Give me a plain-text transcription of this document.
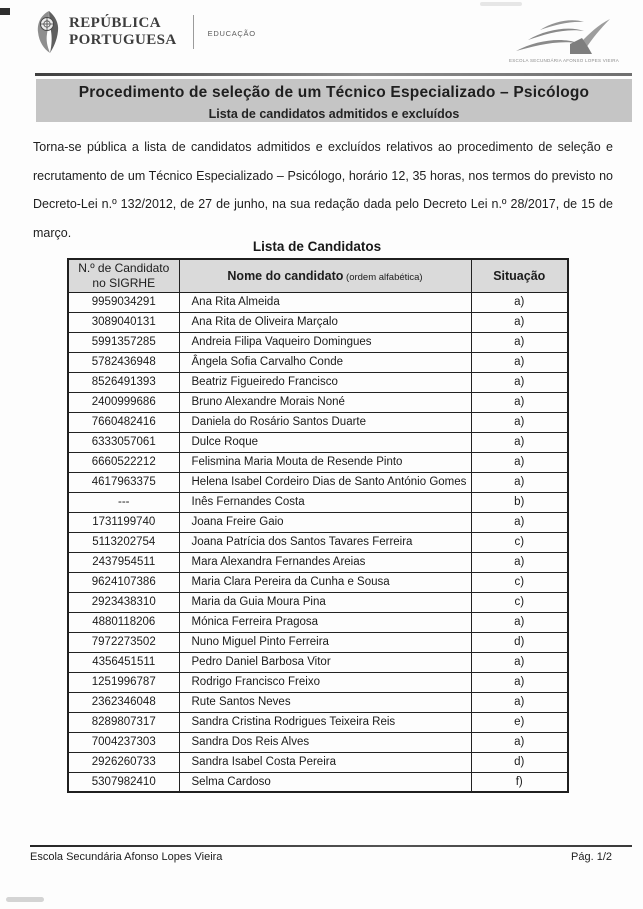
REPÚBLICA
PORTUGUESA	EDUCAÇÃO
ESCOLA SECUNDÁRIA AFONSO LOPES VIEIRA
Procedimento de seleção de um Técnico Especializado – Psicólogo
Lista de candidatos admitidos e excluídos
Torna-se pública a lista de candidatos admitidos e excluídos relativos ao procedimento de seleção e recrutamento de um Técnico Especializado – Psicólogo, horário 12, 35 horas, nos termos do previsto no Decreto-Lei n.º 132/2012, de 27 de junho, na sua redação dada pelo Decreto Lei n.º 28/2017, de 15 de março.
Lista de Candidatos
N.º de Candidato
no SIGRHE	Nome do candidato (ordem alfabética)	Situação
9959034291	Ana Rita Almeida	a)
3089040131	Ana Rita de Oliveira Marçalo	a)
5991357285	Andreia Filipa Vaqueiro Domingues	a)
5782436948	Ângela Sofia Carvalho Conde	a)
8526491393	Beatriz Figueiredo Francisco	a)
2400999686	Bruno Alexandre Morais Noné	a)
7660482416	Daniela do Rosário Santos Duarte	a)
6333057061	Dulce Roque	a)
6660522212	Felismina Maria Mouta de Resende Pinto	a)
4617963375	Helena Isabel Cordeiro Dias de Santo António Gomes	a)
---	Inês Fernandes Costa	b)
1731199740	Joana Freire Gaio	a)
5113202754	Joana Patrícia dos Santos Tavares Ferreira	c)
2437954511	Mara Alexandra Fernandes Areias	a)
9624107386	Maria Clara Pereira da Cunha e Sousa	c)
2923438310	Maria da Guia Moura Pina	c)
4880118206	Mónica Ferreira Pragosa	a)
7972273502	Nuno Miguel Pinto Ferreira	d)
4356451511	Pedro Daniel Barbosa Vitor	a)
1251996787	Rodrigo Francisco Freixo	a)
2362346048	Rute Santos Neves	a)
8289807317	Sandra Cristina Rodrigues Teixeira Reis	e)
7004237303	Sandra Dos Reis Alves	a)
2926260733	Sandra Isabel Costa Pereira	d)
5307982410	Selma Cardoso	f)
Escola Secundária Afonso Lopes Vieira	Pág. 1/2
